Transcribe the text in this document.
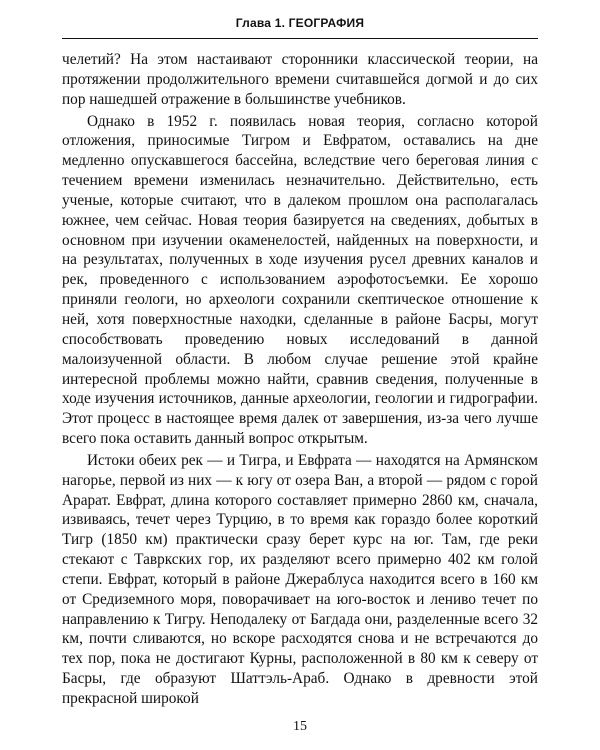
Глава 1. ГЕОГРАФИЯ

челетий? На этом настаивают сторонники классической теории, на протяжении продолжительного времени считавшейся догмой и до сих пор нашедшей отражение в большинстве учебников.

Однако в 1952 г. появилась новая теория, согласно которой отложения, приносимые Тигром и Евфратом, оставались на дне медленно опускавшегося бассейна, вследствие чего береговая линия с течением времени изменилась незначительно. Действительно, есть ученые, которые считают, что в далеком прошлом она располагалась южнее, чем сейчас. Новая теория базируется на сведениях, добытых в основном при изучении окаменелостей, найденных на поверхности, и на результатах, полученных в ходе изучения русел древних каналов и рек, проведенного с использованием аэрофотосъемки. Ее хорошо приняли геологи, но археологи сохранили скептическое отношение к ней, хотя поверхностные находки, сделанные в районе Басры, могут способствовать проведению новых исследований в данной малоизученной области. В любом случае решение этой крайне интересной проблемы можно найти, сравнив сведения, полученные в ходе изучения источников, данные археологии, геологии и гидрографии. Этот процесс в настоящее время далек от завершения, из-за чего лучше всего пока оставить данный вопрос открытым.

Истоки обеих рек — и Тигра, и Евфрата — находятся на Армянском нагорье, первой из них — к югу от озера Ван, а второй — рядом с горой Арарат. Евфрат, длина которого составляет примерно 2860 км, сначала, извиваясь, течет через Турцию, в то время как гораздо более короткий Тигр (1850 км) практически сразу берет курс на юг. Там, где реки стекают с Тавркских гор, их разделяют всего примерно 402 км голой степи. Евфрат, который в районе Джераблуса находится всего в 160 км от Средиземного моря, поворачивает на юго-восток и лениво течет по направлению к Тигру. Неподалеку от Багдада они, разделенные всего 32 км, почти сливаются, но вскоре расходятся снова и не встречаются до тех пор, пока не достигают Курны, расположенной в 80 км к северу от Басры, где образуют Шаттэль-Араб. Однако в древности этой прекрасной широкой

15
